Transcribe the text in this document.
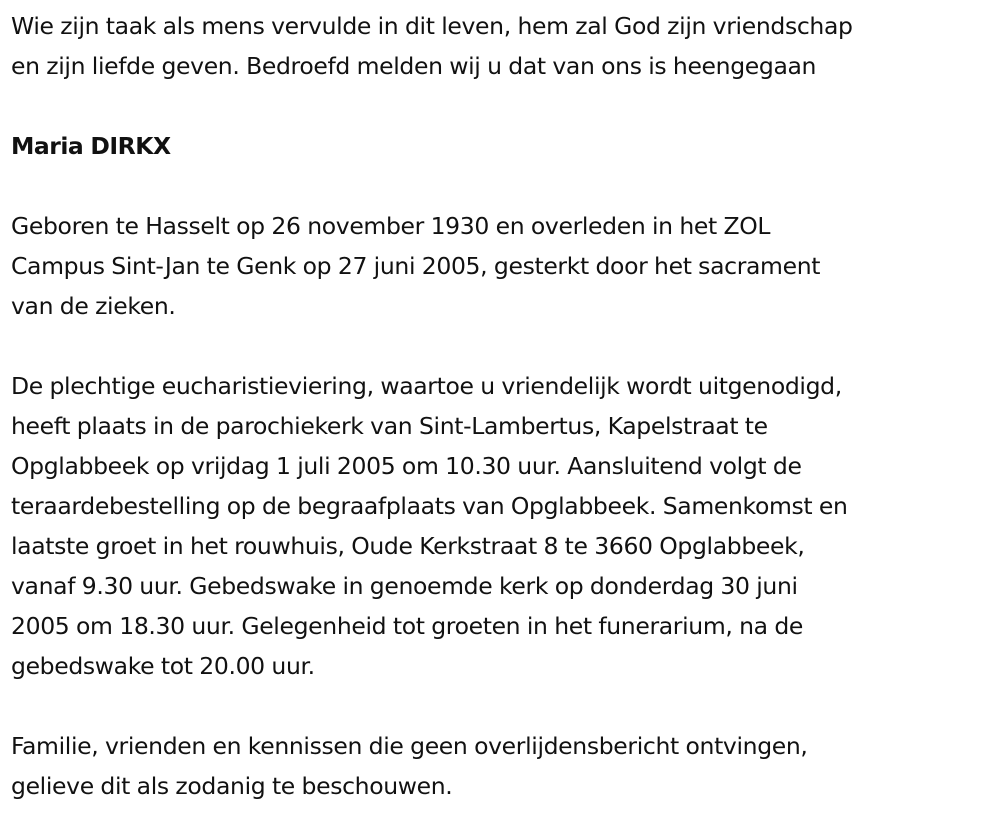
Wie zijn taak als mens vervulde in dit leven, hem zal God zijn vriendschap
en zijn liefde geven. Bedroefd melden wij u dat van ons is heengegaan

Maria DIRKX

Geboren te Hasselt op 26 november 1930 en overleden in het ZOL
Campus Sint-Jan te Genk op 27 juni 2005, gesterkt door het sacrament
van de zieken.

De plechtige eucharistieviering, waartoe u vriendelijk wordt uitgenodigd,
heeft plaats in de parochiekerk van Sint-Lambertus, Kapelstraat te
Opglabbeek op vrijdag 1 juli 2005 om 10.30 uur. Aansluitend volgt de
teraardebestelling op de begraafplaats van Opglabbeek. Samenkomst en
laatste groet in het rouwhuis, Oude Kerkstraat 8 te 3660 Opglabbeek,
vanaf 9.30 uur. Gebedswake in genoemde kerk op donderdag 30 juni
2005 om 18.30 uur. Gelegenheid tot groeten in het funerarium, na de
gebedswake tot 20.00 uur.

Familie, vrienden en kennissen die geen overlijdensbericht ontvingen,
gelieve dit als zodanig te beschouwen.
